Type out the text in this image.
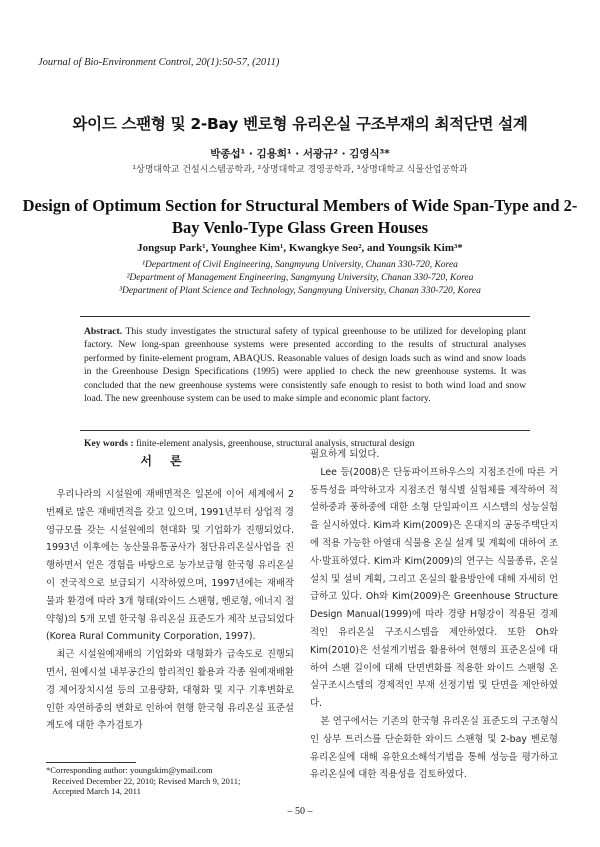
Journal of Bio-Environment Control, 20(1):50-57, (2011)
와이드 스팬형 및 2-Bay 벤로형 유리온실 구조부재의 최적단면 설계
박종섭¹ · 김용희¹ · 서광규² · 김영식³*
¹상명대학교 건설시스템공학과, ²상명대학교 경영공학과, ³상명대학교 식물산업공학과
Design of Optimum Section for Structural Members of Wide Span-Type and 2-Bay Venlo-Type Glass Green Houses
Jongsup Park¹, Younghee Kim¹, Kwangkye Seo², and Youngsik Kim³*
¹Department of Civil Engineering, Sangmyung University, Chanan 330-720, Korea
²Department of Management Engineering, Sangmyung University, Chanan 330-720, Korea
³Department of Plant Science and Technology, Sangmyung University, Chanan 330-720, Korea
Abstract. This study investigates the structural safety of typical greenhouse to be utilized for developing plant factory. New long-span greenhouse systems were presented according to the results of structural analyses performed by finite-element program, ABAQUS. Reasonable values of design loads such as wind and snow loads in the Greenhouse Design Specifications (1995) were applied to check the new greenhouse systems. It was concluded that the new greenhouse systems were consistently safe enough to resist to both wind load and snow load. The new greenhouse system can be used to make simple and economic plant factory.
Key words : finite-element analysis, greenhouse, structural analysis, structural design
서론

우리나라의 시설원예 재배면적은 일본에 이어 세계에서 2번째로 많은 재배면적을 갖고 있으며, 1991년부터 상업적 경영규모를 갖는 시설원예의 현대화 및 기업화가 진행되었다. 1993년 이후에는 농산물유통공사가 첨단유리온실사업을 진행하면서 얻은 경험을 바탕으로 농가보급형 한국형 유리온실이 전국적으로 보급되기 시작하였으며, 1997년에는 재배작물과 환경에 따라 3개 형태(와이드 스팬형, 벤로형, 에너지 절약형)의 5개 모델 한국형 유리온실 표준도가 제작 보급되었다(Korea Rural Community Corporation, 1997).

최근 시설원예재배의 기업화와 대형화가 급속도로 진행되면서, 원예시설 내부공간의 합리적인 활용과 각종 원예재배환경 제어장치시설 등의 고용량화, 대형화 및 지구 기후변화로 인한 자연하중의 변화로 인하여 현행 한국형 유리온실 표준설계도에 대한 추가검토가

필요하게 되었다.

Lee 등(2008)은 단동파이프하우스의 지점조건에 따른 거동특성을 파악하고자 지점조건 형식별 실험체를 제작하여 적설하중과 풍하중에 대한 소형 단일파이프 시스템의 성능실험을 실시하였다. Kim과 Kim(2009)은 온대지의 공동주택단지에 적용 가능한 아열대 식물용 온실 설계 및 계획에 대하여 조사·발표하였다. Kim과 Kim(2009)의 연구는 식물종류, 온실 설치 및 설비 계획, 그리고 온실의 활용방안에 대해 자세히 언급하고 있다. Oh와 Kim(2009)은 Greenhouse Structure Design Manual(1999)에 따라 경량 H형강이 적용된 경제적인 유리온실 구조시스템을 제안하였다. 또한 Oh와 Kim(2010)은 선설계기법을 활용하여 현행의 표준온실에 대하여 스팬 길이에 대해 단면변화를 적용한 와이드 스팬형 온실구조시스템의 경제적인 부재 선정기법 및 단면을 제안하였다.

본 연구에서는 기존의 한국형 유리온실 표준도의 구조형식인 상부 트러스를 단순화한 와이드 스팬형 및 2-bay 벤로형 유리온실에 대해 유한요소해석기법을 통해 성능을 평가하고 유리온실에 대한 적용성을 검토하였다.

*Corresponding author: youngskim@ymail.com
Received December 22, 2010; Revised March 9, 2011;
Accepted March 14, 2011
– 50 –
